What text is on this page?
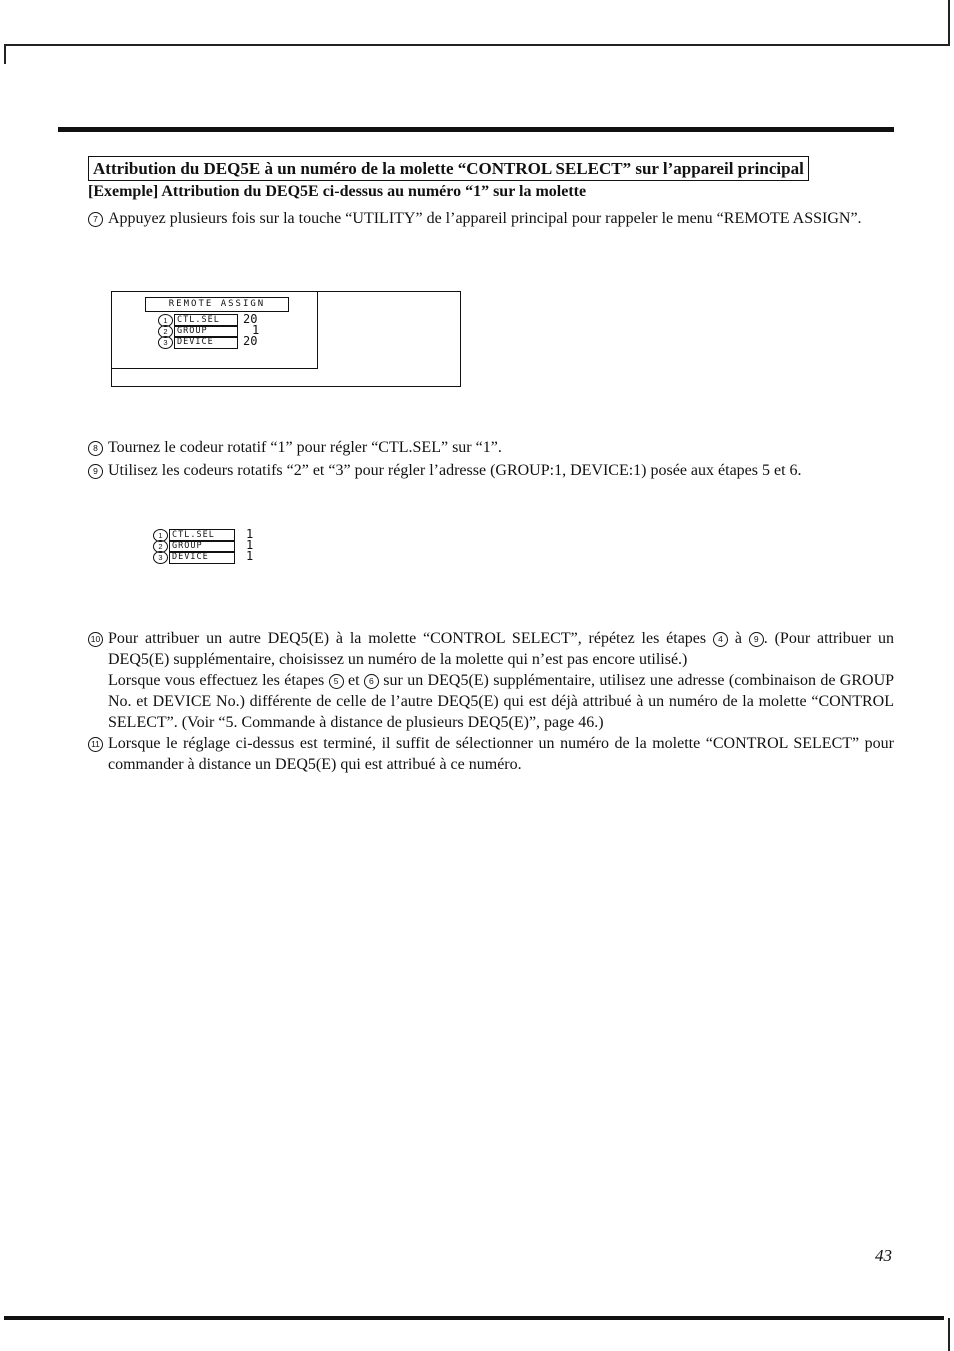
Attribution du DEQ5E à un numéro de la molette “CONTROL SELECT” sur l’appareil principal
[Exemple] Attribution du DEQ5E ci-dessus au numéro “1” sur la molette
7 Appuyez plusieurs fois sur la touche “UTILITY” de l’appareil principal pour rappeler le menu “REMOTE ASSIGN”.
REMOTE ASSIGN
1	CTL.SEL	20
2	GROUP	1
3	DEVICE	20
8 Tournez le codeur rotatif “1” pour régler “CTL.SEL” sur “1”.
9 Utilisez les codeurs rotatifs “2” et “3” pour régler l’adresse (GROUP:1, DEVICE:1) posée aux étapes 5 et 6.
1	CTL.SEL	1
2	GROUP	1
3	DEVICE	1
10 Pour attribuer un autre DEQ5(E) à la molette “CONTROL SELECT”, répétez les étapes 4 à 9 . (Pour attribuer un DEQ5(E) supplémentaire, choisissez un numéro de la molette qui n’est pas encore utilisé.)

Lorsque vous effectuez les étapes 5 et 6 sur un DEQ5(E) supplémentaire, utilisez une adresse (combinaison de GROUP No. et DEVICE No.) différente de celle de l’autre DEQ5(E) qui est déjà attribué à un numéro de la molette “CONTROL SELECT”. (Voir “5. Commande à distance de plusieurs DEQ5(E)”, page 46.)

11 Lorsque le réglage ci-dessus est terminé, il suffit de sélectionner un numéro de la molette “CONTROL SELECT” pour commander à distance un DEQ5(E) qui est attribué à ce numéro.
43
